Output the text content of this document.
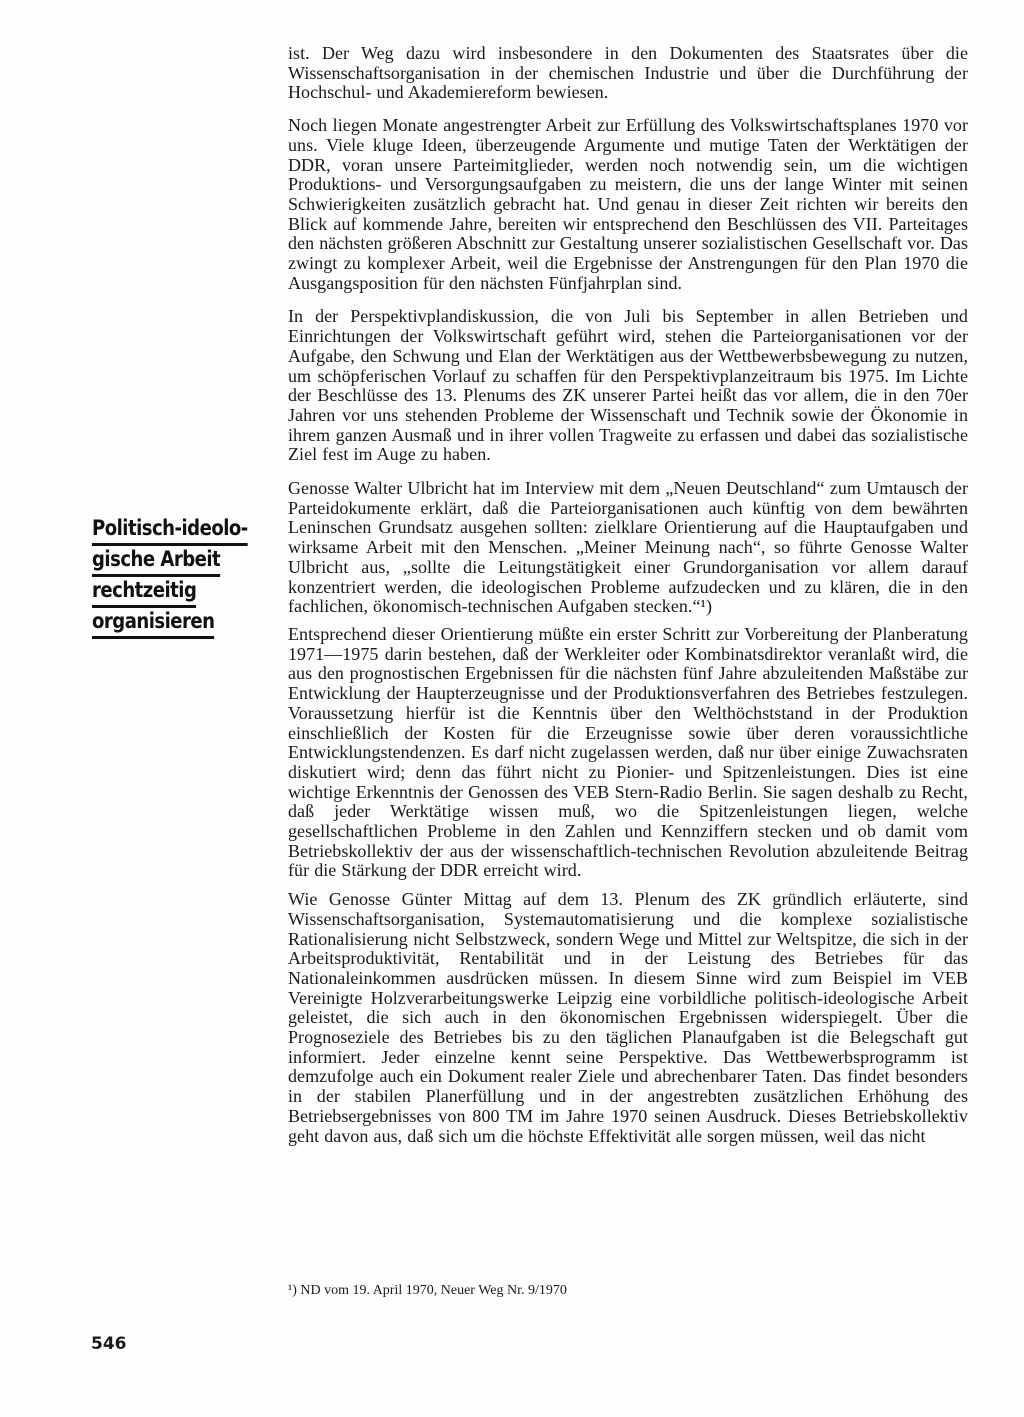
ist. Der Weg dazu wird insbesondere in den Dokumenten des Staatsrates über die Wissenschaftsorganisation in der chemischen Industrie und über die Durchführung der Hochschul- und Akademiereform bewiesen.

Noch liegen Monate angestrengter Arbeit zur Erfüllung des Volkswirtschaftsplanes 1970 vor uns. Viele kluge Ideen, überzeugende Argumente und mutige Taten der Werktätigen der DDR, voran unsere Parteimitglieder, werden noch notwendig sein, um die wichtigen Produktions- und Versorgungsaufgaben zu meistern, die uns der lange Winter mit seinen Schwierigkeiten zusätzlich gebracht hat. Und genau in dieser Zeit richten wir bereits den Blick auf kommende Jahre, bereiten wir entsprechend den Beschlüssen des VII. Parteitages den nächsten größeren Abschnitt zur Gestaltung unserer sozialistischen Gesellschaft vor. Das zwingt zu komplexer Arbeit, weil die Ergebnisse der Anstrengungen für den Plan 1970 die Ausgangsposition für den nächsten Fünfjahrplan sind.

In der Perspektivplandiskussion, die von Juli bis September in allen Betrieben und Einrichtungen der Volkswirtschaft geführt wird, stehen die Parteiorganisationen vor der Aufgabe, den Schwung und Elan der Werktätigen aus der Wettbewerbsbewegung zu nutzen, um schöpferischen Vorlauf zu schaffen für den Perspektivplanzeitraum bis 1975. Im Lichte der Beschlüsse des 13. Plenums des ZK unserer Partei heißt das vor allem, die in den 70er Jahren vor uns stehenden Probleme der Wissenschaft und Technik sowie der Ökonomie in ihrem ganzen Ausmaß und in ihrer vollen Tragweite zu erfassen und dabei das sozialistische Ziel fest im Auge zu haben.

Genosse Walter Ulbricht hat im Interview mit dem „Neuen Deutschland“ zum Umtausch der Parteidokumente erklärt, daß die Parteiorganisationen auch künftig von dem bewährten Leninschen Grundsatz ausgehen sollten: zielklare Orientierung auf die Hauptaufgaben und wirksame Arbeit mit den Menschen. „Meiner Meinung nach“, so führte Genosse Walter Ulbricht aus, „sollte die Leitungstätigkeit einer Grundorganisation vor allem darauf konzentriert werden, die ideologischen Probleme aufzudecken und zu klären, die in den fachlichen, ökonomisch-technischen Aufgaben stecken.“¹)

Entsprechend dieser Orientierung müßte ein erster Schritt zur Vorbereitung der Planberatung 1971—1975 darin bestehen, daß der Werkleiter oder Kombinatsdirektor veranlaßt wird, die aus den prognostischen Ergebnissen für die nächsten fünf Jahre abzuleitenden Maßstäbe zur Entwicklung der Haupterzeugnisse und der Produktionsverfahren des Betriebes festzulegen. Voraussetzung hierfür ist die Kenntnis über den Welthöchststand in der Produktion einschließlich der Kosten für die Erzeugnisse sowie über deren voraussichtliche Entwicklungstendenzen. Es darf nicht zugelassen werden, daß nur über einige Zuwachsraten diskutiert wird; denn das führt nicht zu Pionier- und Spitzenleistungen. Dies ist eine wichtige Erkenntnis der Genossen des VEB Stern-Radio Berlin. Sie sagen deshalb zu Recht, daß jeder Werktätige wissen muß, wo die Spitzenleistungen liegen, welche gesellschaftlichen Probleme in den Zahlen und Kennziffern stecken und ob damit vom Betriebskollektiv der aus der wissenschaftlich-technischen Revolution abzuleitende Beitrag für die Stärkung der DDR erreicht wird.

Wie Genosse Günter Mittag auf dem 13. Plenum des ZK gründlich erläuterte, sind Wissenschaftsorganisation, Systemautomatisierung und die komplexe sozialistische Rationalisierung nicht Selbstzweck, sondern Wege und Mittel zur Weltspitze, die sich in der Arbeitsproduktivität, Rentabilität und in der Leistung des Betriebes für das Nationaleinkommen ausdrücken müssen. In diesem Sinne wird zum Beispiel im VEB Vereinigte Holzverarbeitungswerke Leipzig eine vorbildliche politisch-ideologische Arbeit geleistet, die sich auch in den ökonomischen Ergebnissen widerspiegelt. Über die Prognoseziele des Betriebes bis zu den täglichen Planaufgaben ist die Belegschaft gut informiert. Jeder einzelne kennt seine Perspektive. Das Wettbewerbsprogramm ist demzufolge auch ein Dokument realer Ziele und abrechenbarer Taten. Das findet besonders in der stabilen Planerfüllung und in der angestrebten zusätzlichen Erhöhung des Betriebsergebnisses von 800 TM im Jahre 1970 seinen Ausdruck. Dieses Betriebskollektiv geht davon aus, daß sich um die höchste Effektivität alle sorgen müssen, weil das nicht

Politisch-ideolo-
gische Arbeit
rechtzeitig
organisieren
¹) ND vom 19. April 1970, Neuer Weg Nr. 9/1970
546
